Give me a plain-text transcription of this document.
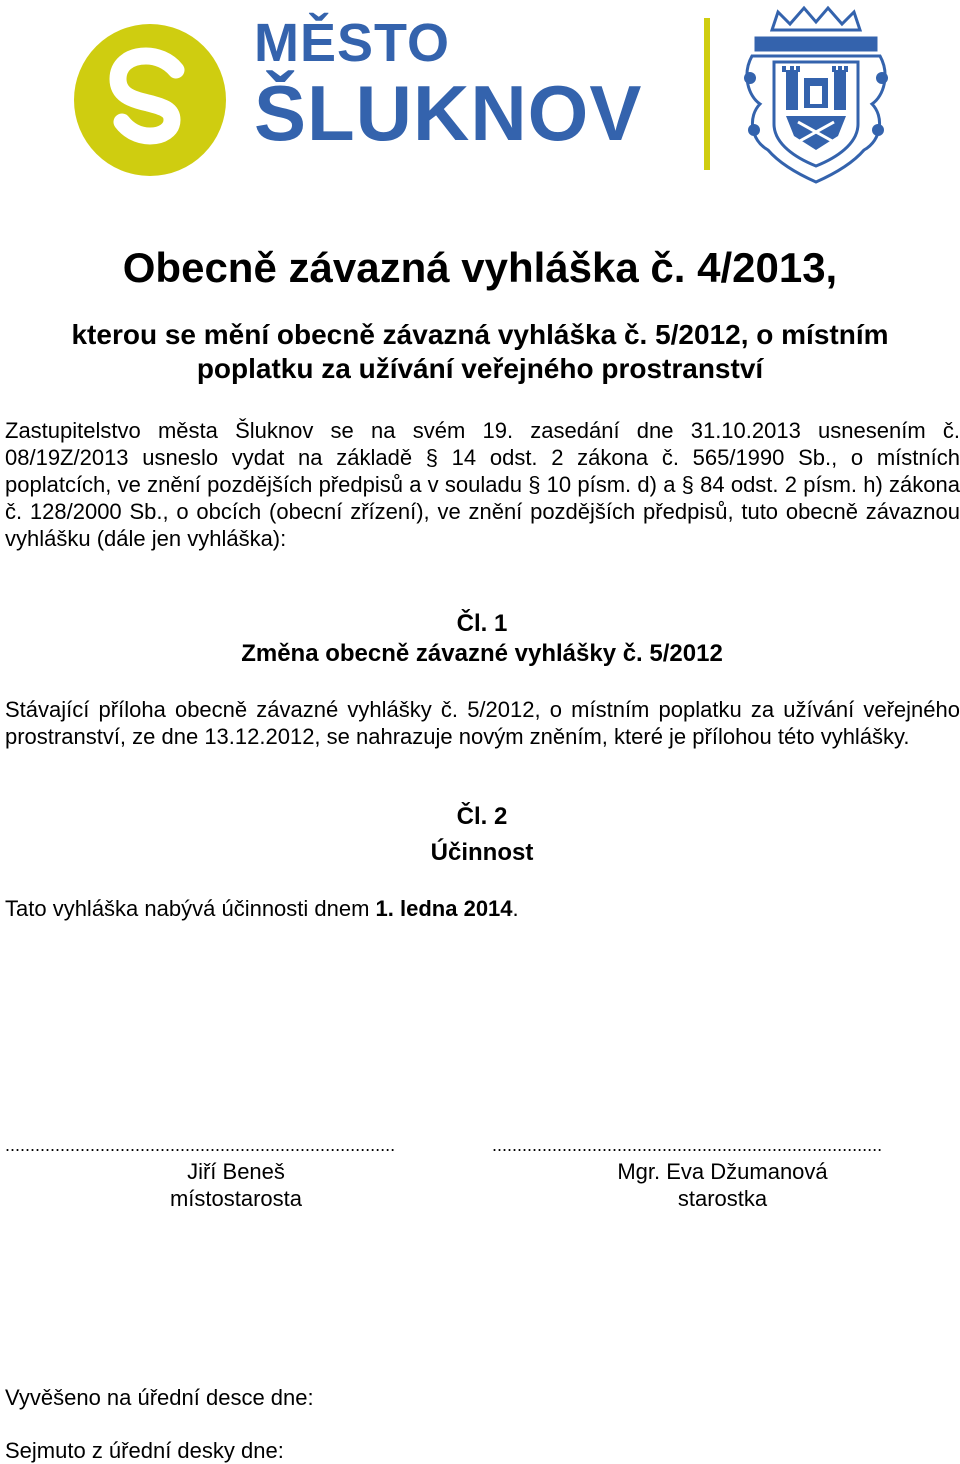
MĚSTO
ŠLUKNOV
Obecně závazná vyhláška č. 4/2013,
kterou se mění obecně závazná vyhláška č. 5/2012, o místním
poplatku za užívání veřejného prostranství
Zastupitelstvo města Šluknov se na svém 19. zasedání dne 31.10.2013 usnesením č. 08/19Z/2013 usneslo vydat na základě § 14 odst. 2 zákona č. 565/1990 Sb., o místních poplatcích, ve znění pozdějších předpisů a v souladu § 10 písm. d) a § 84 odst. 2 písm. h) zákona č. 128/2000 Sb., o obcích (obecní zřízení), ve znění pozdějších předpisů, tuto obecně závaznou vyhlášku (dále jen vyhláška):
Čl. 1
Změna obecně závazné vyhlášky č. 5/2012
Stávající příloha obecně závazné vyhlášky č. 5/2012, o místním poplatku za užívání veřejného prostranství, ze dne 13.12.2012, se nahrazuje novým zněním, které je přílohou této vyhlášky.
Čl. 2
Účinnost
Tato vyhláška nabývá účinnosti dnem 1. ledna 2014.
..............................................................................	..............................................................................
Jiří Beneš
místostarosta
Mgr. Eva Džumanová
starostka
Vyvěšeno na úřední desce dne:
Sejmuto z úřední desky dne:
